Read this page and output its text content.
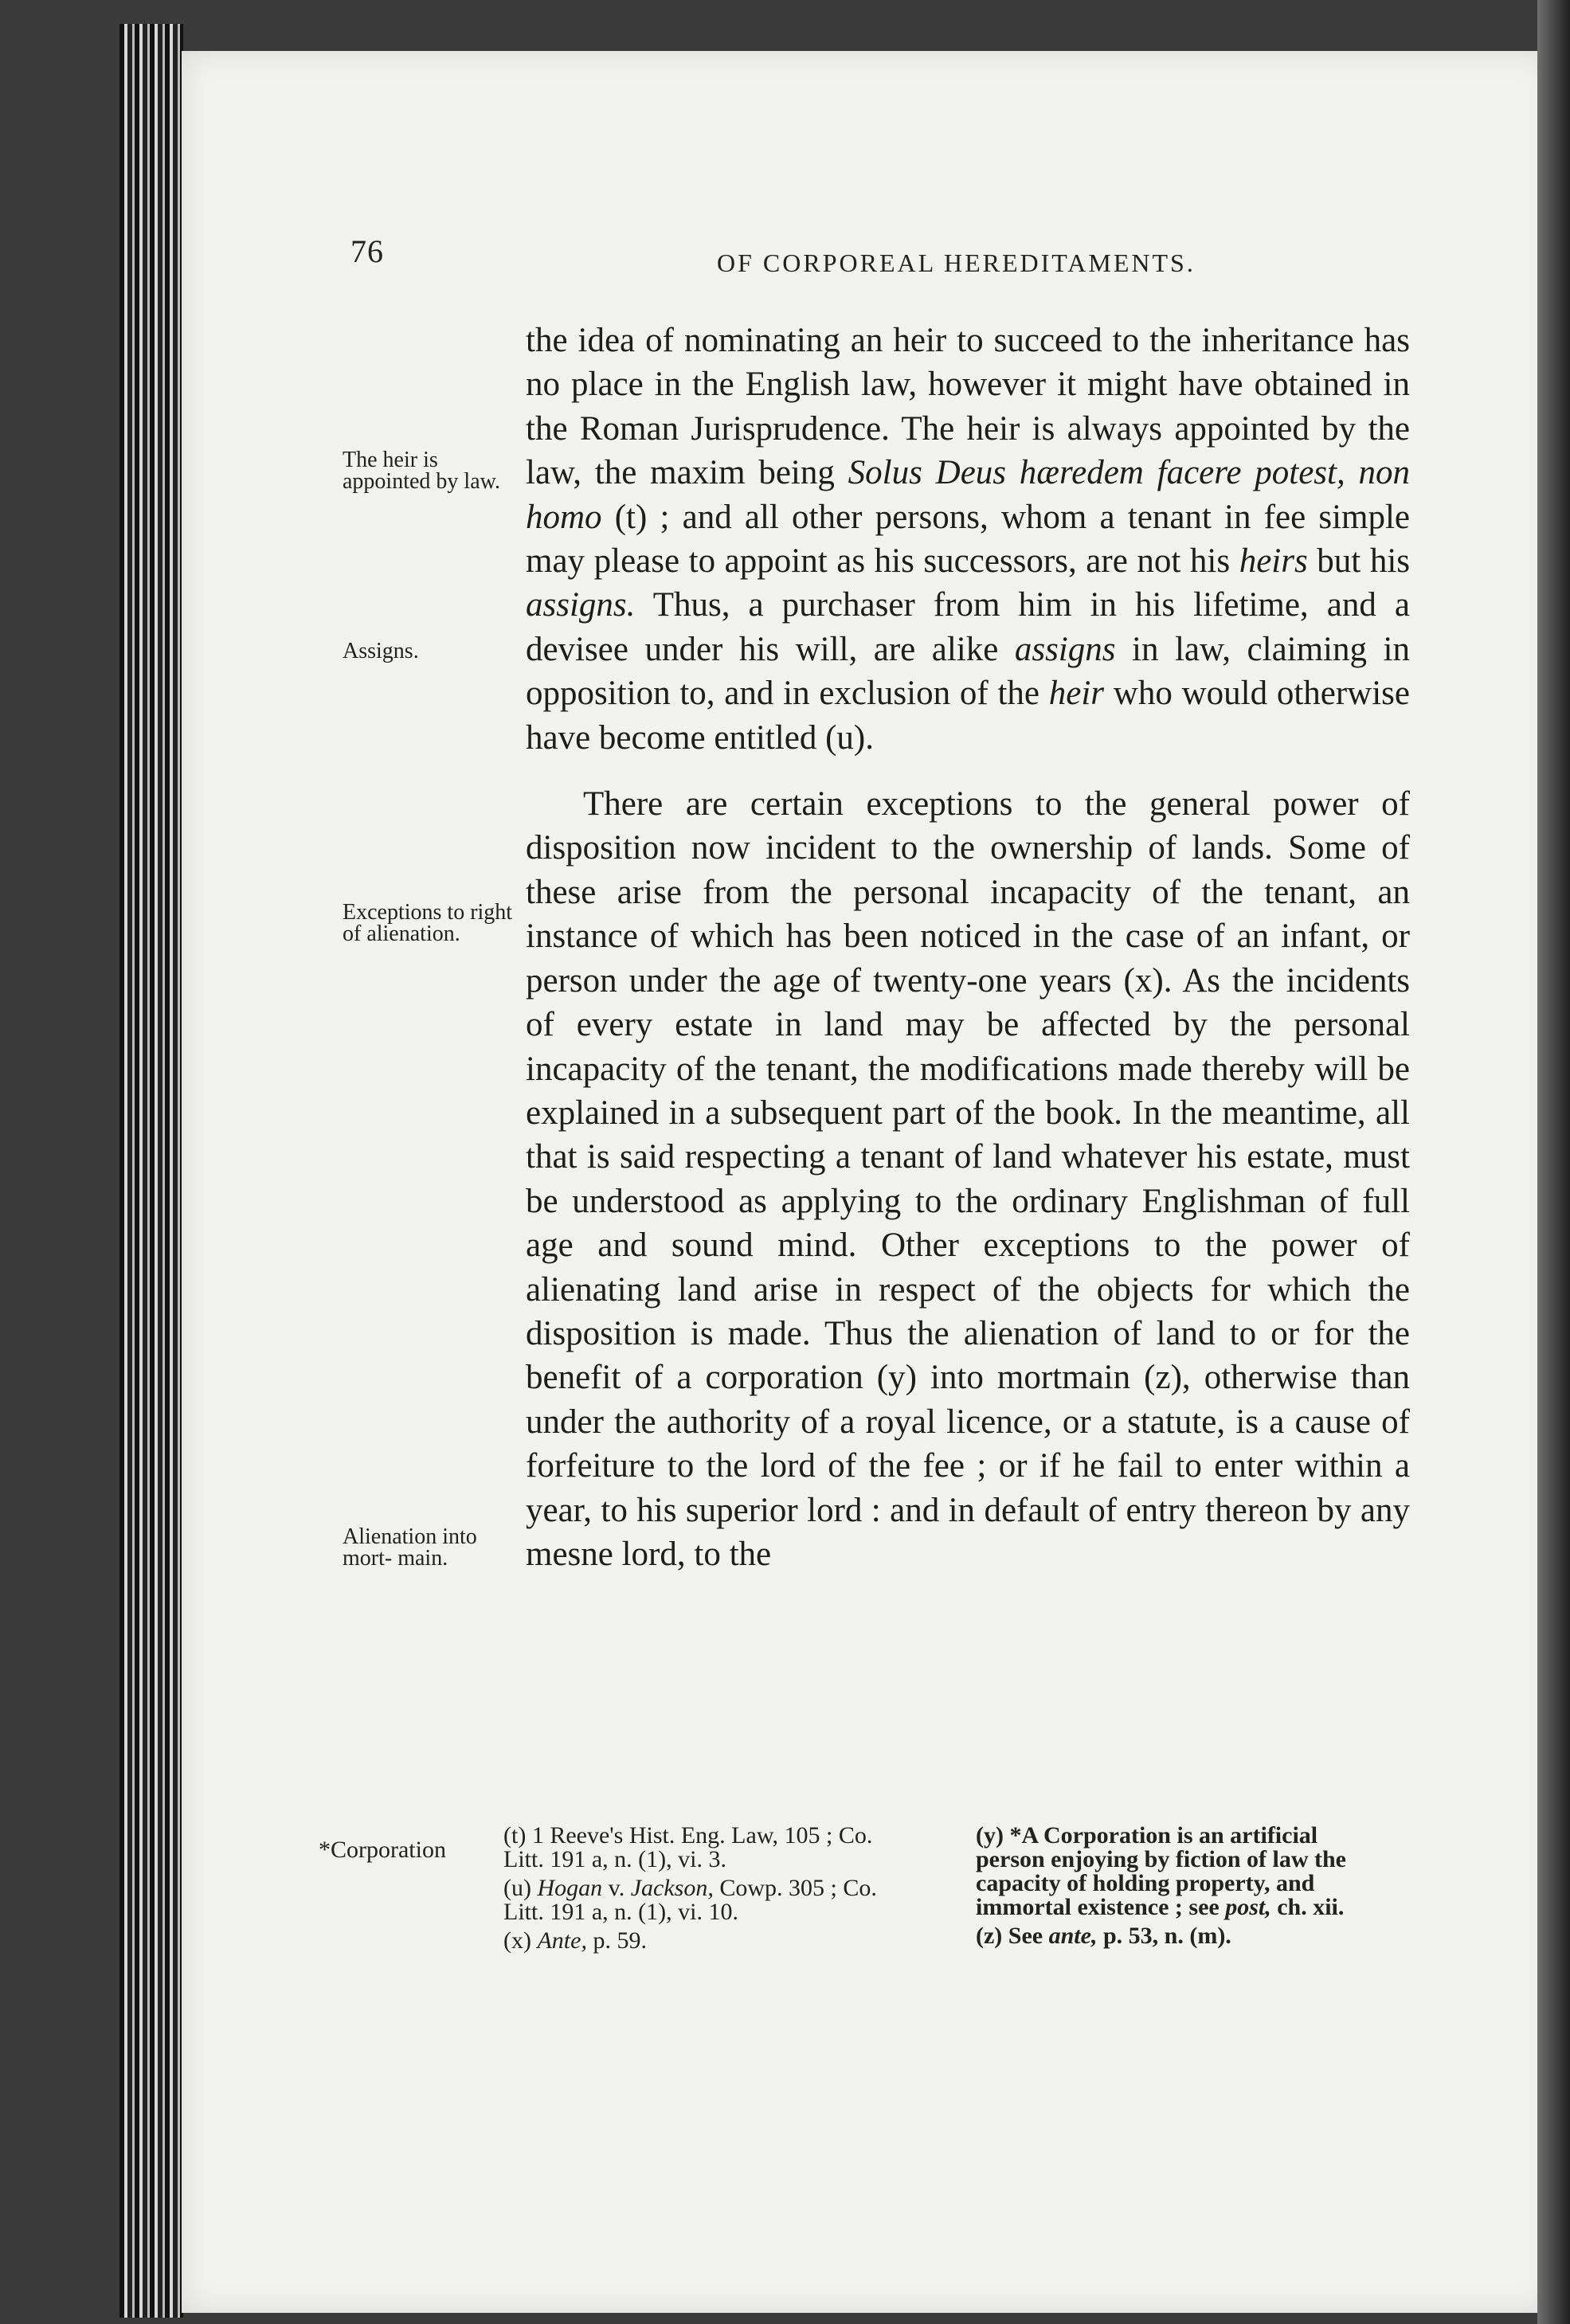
76	OF CORPOREAL HEREDITAMENTS.
The heir is appointed by law.
Assigns.
Exceptions to right of alienation.
Alienation into mort- main.
*Corporation

the idea of nominating an heir to succeed to the inheritance has no place in the English law, however it might have obtained in the Roman Jurisprudence. The heir is always appointed by the law, the maxim being Solus Deus hæredem facere potest, non homo (t) ; and all other persons, whom a tenant in fee simple may please to appoint as his successors, are not his heirs but his assigns. Thus, a purchaser from him in his lifetime, and a devisee under his will, are alike assigns in law, claiming in opposition to, and in exclusion of the heir who would otherwise have become entitled (u).

There are certain exceptions to the general power of disposition now incident to the ownership of lands. Some of these arise from the personal incapacity of the tenant, an instance of which has been noticed in the case of an infant, or person under the age of twenty-one years (x). As the incidents of every estate in land may be affected by the personal incapacity of the tenant, the modifications made thereby will be explained in a subsequent part of the book. In the meantime, all that is said respecting a tenant of land whatever his estate, must be understood as applying to the ordinary Englishman of full age and sound mind. Other exceptions to the power of alienating land arise in respect of the objects for which the disposition is made. Thus the alienation of land to or for the benefit of a corporation (y) into mortmain (z), otherwise than under the authority of a royal licence, or a statute, is a cause of forfeiture to the lord of the fee ; or if he fail to enter within a year, to his superior lord : and in default of entry thereon by any mesne lord, to the

(t) 1 Reeve's Hist. Eng. Law, 105 ; Co. Litt. 191 a, n. (1), vi. 3.

(u) Hogan v. Jackson, Cowp. 305 ; Co. Litt. 191 a, n. (1), vi. 10.

(x) Ante, p. 59.

(y) *A Corporation is an artificial person enjoying by fiction of law the capacity of holding property, and immortal existence ; see post, ch. xii.

(z) See ante, p. 53, n. (m).
